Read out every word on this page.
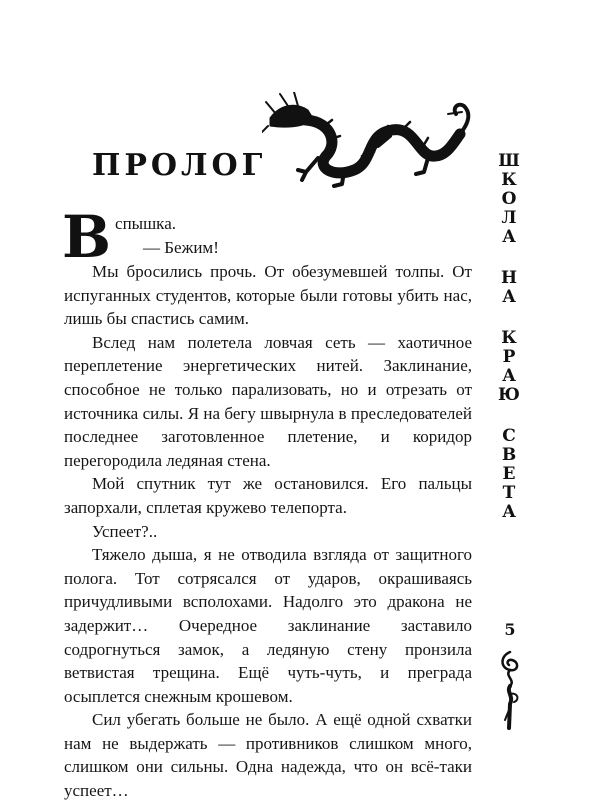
ПРОЛОГ

Вспышка.

— Бежим!

Мы бросились прочь. От обезумевшей толпы. От испуганных студентов, которые были готовы убить нас, лишь бы спастись самим.

Вслед нам полетела ловчая сеть — хаотичное переплетение энергетических нитей. Заклинание, способное не только парализовать, но и отрезать от источника силы. Я на бегу швырнула в преследователей последнее заготовленное плетение, и коридор перегородила ледяная стена.

Мой спутник тут же остановился. Его пальцы запорхали, сплетая кружево телепорта.

Успеет?..

Тяжело дыша, я не отводила взгляда от защитного полога. Тот сотрясался от ударов, окрашиваясь причудливыми всполохами. Надолго это дракона не задержит… Очередное заклинание заставило содрогнуться замок, а ледяную стену пронзила ветвистая трещина. Ещё чуть-чуть, и преграда осыплется снежным крошевом.

Сил убегать больше не было. А ещё одной схватки нам не выдержать — противников слишком много, слишком они сильны. Одна надежда, что он всё-таки успеет…

Ш
К
О
Л
А
Н
А
К
Р
А
Ю
С
В
Е
Т
А
5
